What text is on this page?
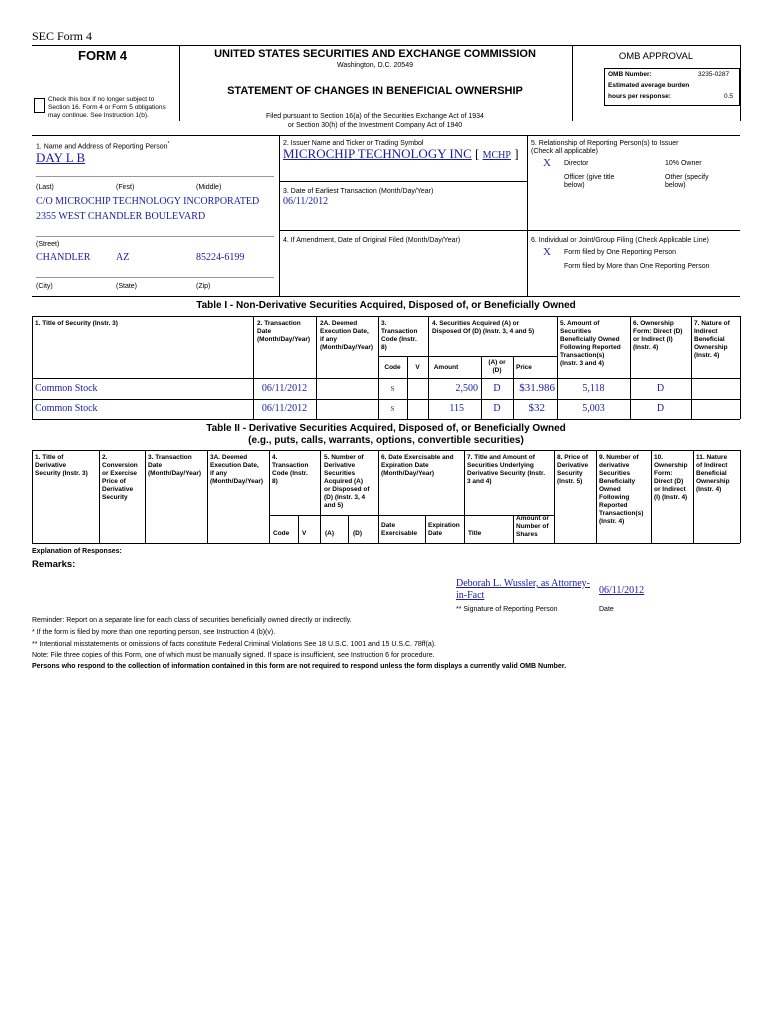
SEC Form 4
FORM 4	UNITED STATES SECURITIES AND EXCHANGE COMMISSION
Washington, D.C. 20549
STATEMENT OF CHANGES IN BENEFICIAL OWNERSHIP
Filed pursuant to Section 16(a) of the Securities Exchange Act of 1934
or Section 30(h) of the Investment Company Act of 1940
Check this box if no longer subject to
Section 16. Form 4 or Form 5 obligations
may continue. See Instruction 1(b).
OMB APPROVAL
OMB Number:	3235-0287
Estimated average burden
hours per response:	0.5
1. Name and Address of Reporting Person*
DAY L B
(Last)	(First)	(Middle)
C/O MICROCHIP TECHNOLOGY INCORPORATED
2355 WEST CHANDLER BOULEVARD
(Street)
CHANDLER	AZ	85224-6199
(City)	(State)	(Zip)
2. Issuer Name and Ticker or Trading Symbol
MICROCHIP TECHNOLOGY INC [ MCHP ]
3. Date of Earliest Transaction (Month/Day/Year)
06/11/2012
4. If Amendment, Date of Original Filed (Month/Day/Year)
5. Relationship of Reporting Person(s) to Issuer
(Check all applicable)
X Director	10% Owner
Officer (give title
below)
Other (specify
below)
6. Individual or Joint/Group Filing (Check Applicable Line)
X Form filed by One Reporting Person
Form filed by More than One Reporting Person
Table I - Non-Derivative Securities Acquired, Disposed of, or Beneficially Owned
1. Title of Security (Instr. 3)	2. Transaction
Date
(Month/Day/Year)
2A. Deemed
Execution Date,
if any
(Month/Day/Year)
3.
Transaction
Code (Instr.
8)
4. Securities Acquired (A) or
Disposed Of (D) (Instr. 3, 4 and 5)
5. Amount of
Securities
Beneficially Owned
Following Reported
Transaction(s)
(Instr. 3 and 4)
6. Ownership
Form: Direct (D)
or Indirect (I)
(Instr. 4)
7. Nature of
Indirect
Beneficial
Ownership
(Instr. 4)
Code	V	Amount
(A) or
(D)	Price
Common Stock	06/11/2012	s	2,500	D	$31.986	5,118	D
Common Stock	06/11/2012	s	115	D	$32	5,003	D
Table II - Derivative Securities Acquired, Disposed of, or Beneficially Owned
(e.g., puts, calls, warrants, options, convertible securities)
1. Title of
Derivative
Security (Instr. 3)
2.
Conversion
or Exercise
Price of
Derivative
Security
3. Transaction
Date
(Month/Day/Year)
3A. Deemed
Execution Date,
if any
(Month/Day/Year)
4.
Transaction
Code (Instr.
8)
5. Number of
Derivative
Securities
Acquired (A)
or Disposed of
(D) (Instr. 3, 4
and 5)
6. Date Exercisable and
Expiration Date
(Month/Day/Year)
7. Title and Amount of
Securities Underlying
Derivative Security (Instr.
3 and 4)
8. Price of
Derivative
Security
(Instr. 5)
9. Number of
derivative
Securities
Beneficially
Owned
Following
Reported
Transaction(s)
(Instr. 4)
10.
Ownership
Form:
Direct (D)
or Indirect
(I) (Instr. 4)
11. Nature
of Indirect
Beneficial
Ownership
(Instr. 4)
Code V	(A)	(D)
Date
Exercisable
Expiration
Date	Title
Amount or
Number of
Shares
Explanation of Responses:
Remarks:
Deborah L. Wussler, as Attorney-
in-Fact	06/11/2012
** Signature of Reporting Person	Date
Reminder: Report on a separate line for each class of securities beneficially owned directly or indirectly.
* If the form is filed by more than one reporting person, see Instruction 4 (b)(v).
** Intentional misstatements or omissions of facts constitute Federal Criminal Violations See 18 U.S.C. 1001 and 15 U.S.C. 78ff(a).
Note: File three copies of this Form, one of which must be manually signed. If space is insufficient, see Instruction 6 for procedure.
Persons who respond to the collection of information contained in this form are not required to respond unless the form displays a currently valid OMB Number.
